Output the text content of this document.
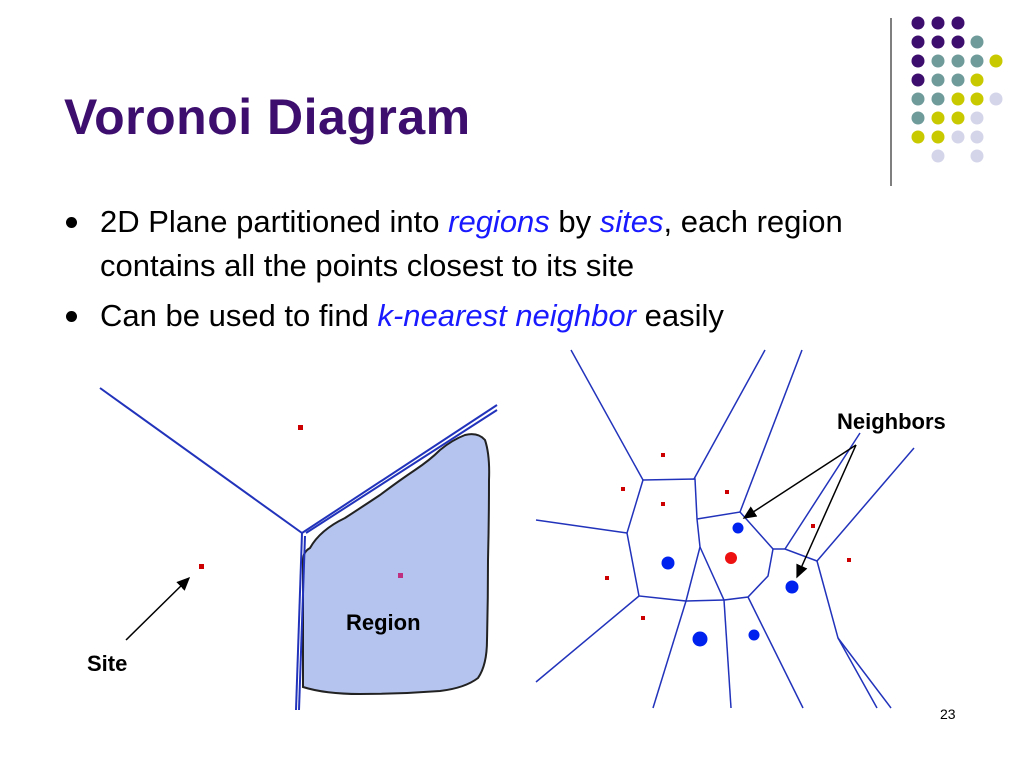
Voronoi Diagram
2D Plane partitioned into regions by sites, each region contains all the points closest to its site
Can be used to find k-nearest neighbor easily
Region
Site
Neighbors
23
